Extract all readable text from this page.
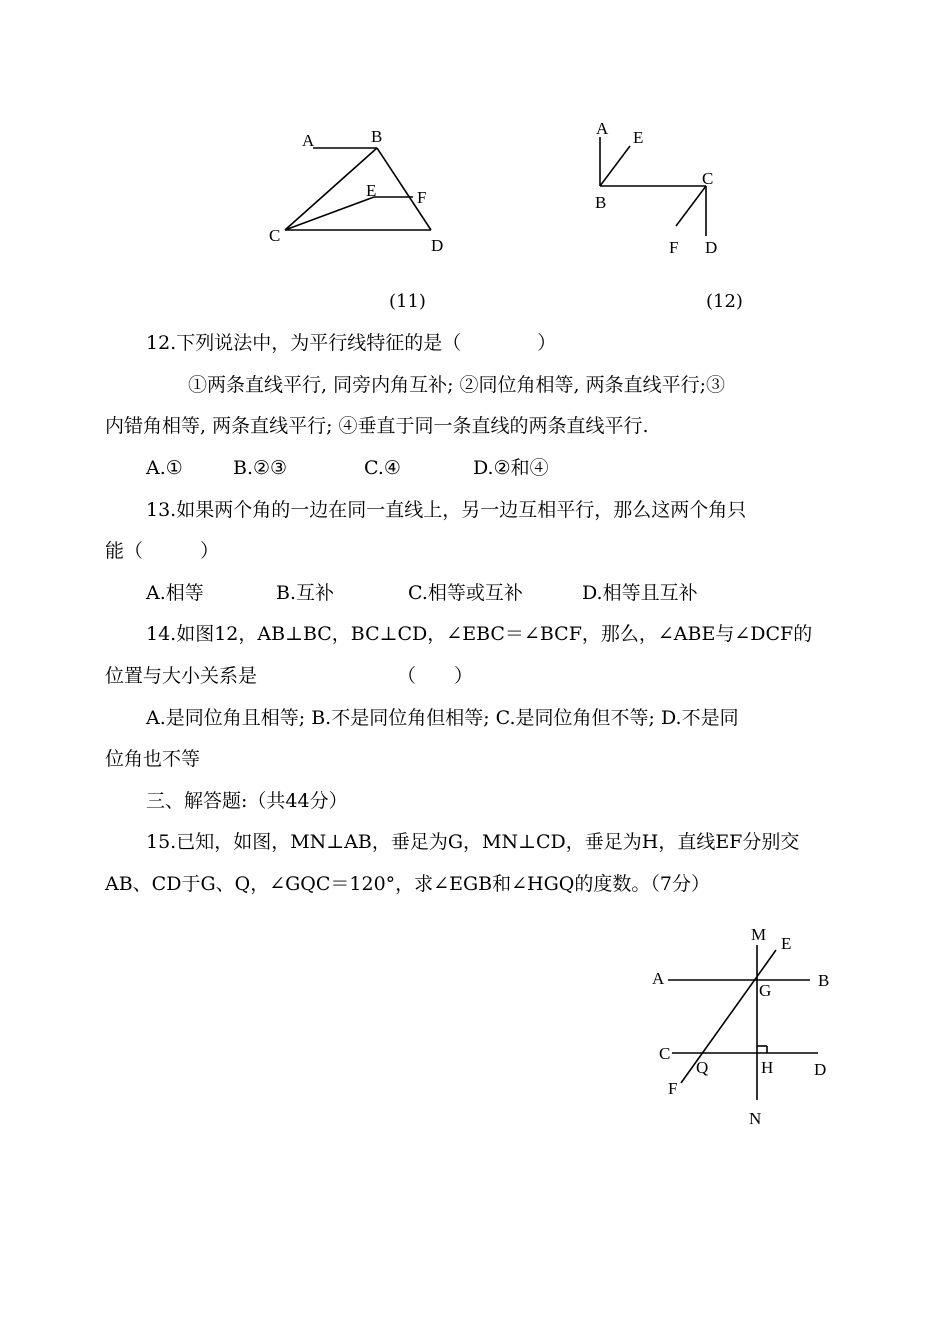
A	B
C
D
E F
A E
B
C
F D
M E
A
G
B
C
Q	H D
F
N
(11)	(12)
12.下列说法中，为平行线特征的是（　　　　）
①两条直线平行, 同旁内角互补; ②同位角相等, 两条直线平行;③
内错角相等, 两条直线平行; ④垂直于同一条直线的两条直线平行.
A.①	B.②③	C.④	D.②和④
13.如果两个角的一边在同一直线上，另一边互相平行，那么这两个角只
能（　　　）
A.相等	B.互补	C.相等或互补	D.相等且互补
14.如图12，AB⊥BC，BC⊥CD，∠EBC＝∠BCF，那么，∠ABE与∠DCF的
位置与大小关系是	（　　）
A.是同位角且相等; B.不是同位角但相等; C.是同位角但不等; D.不是同
位角也不等
三、解答题:（共44分）
15.已知，如图，MN⊥AB，垂足为G，MN⊥CD，垂足为H，直线EF分别交
AB、CD于G、Q，∠GQC＝120°，求∠EGB和∠HGQ的度数。（7分）
